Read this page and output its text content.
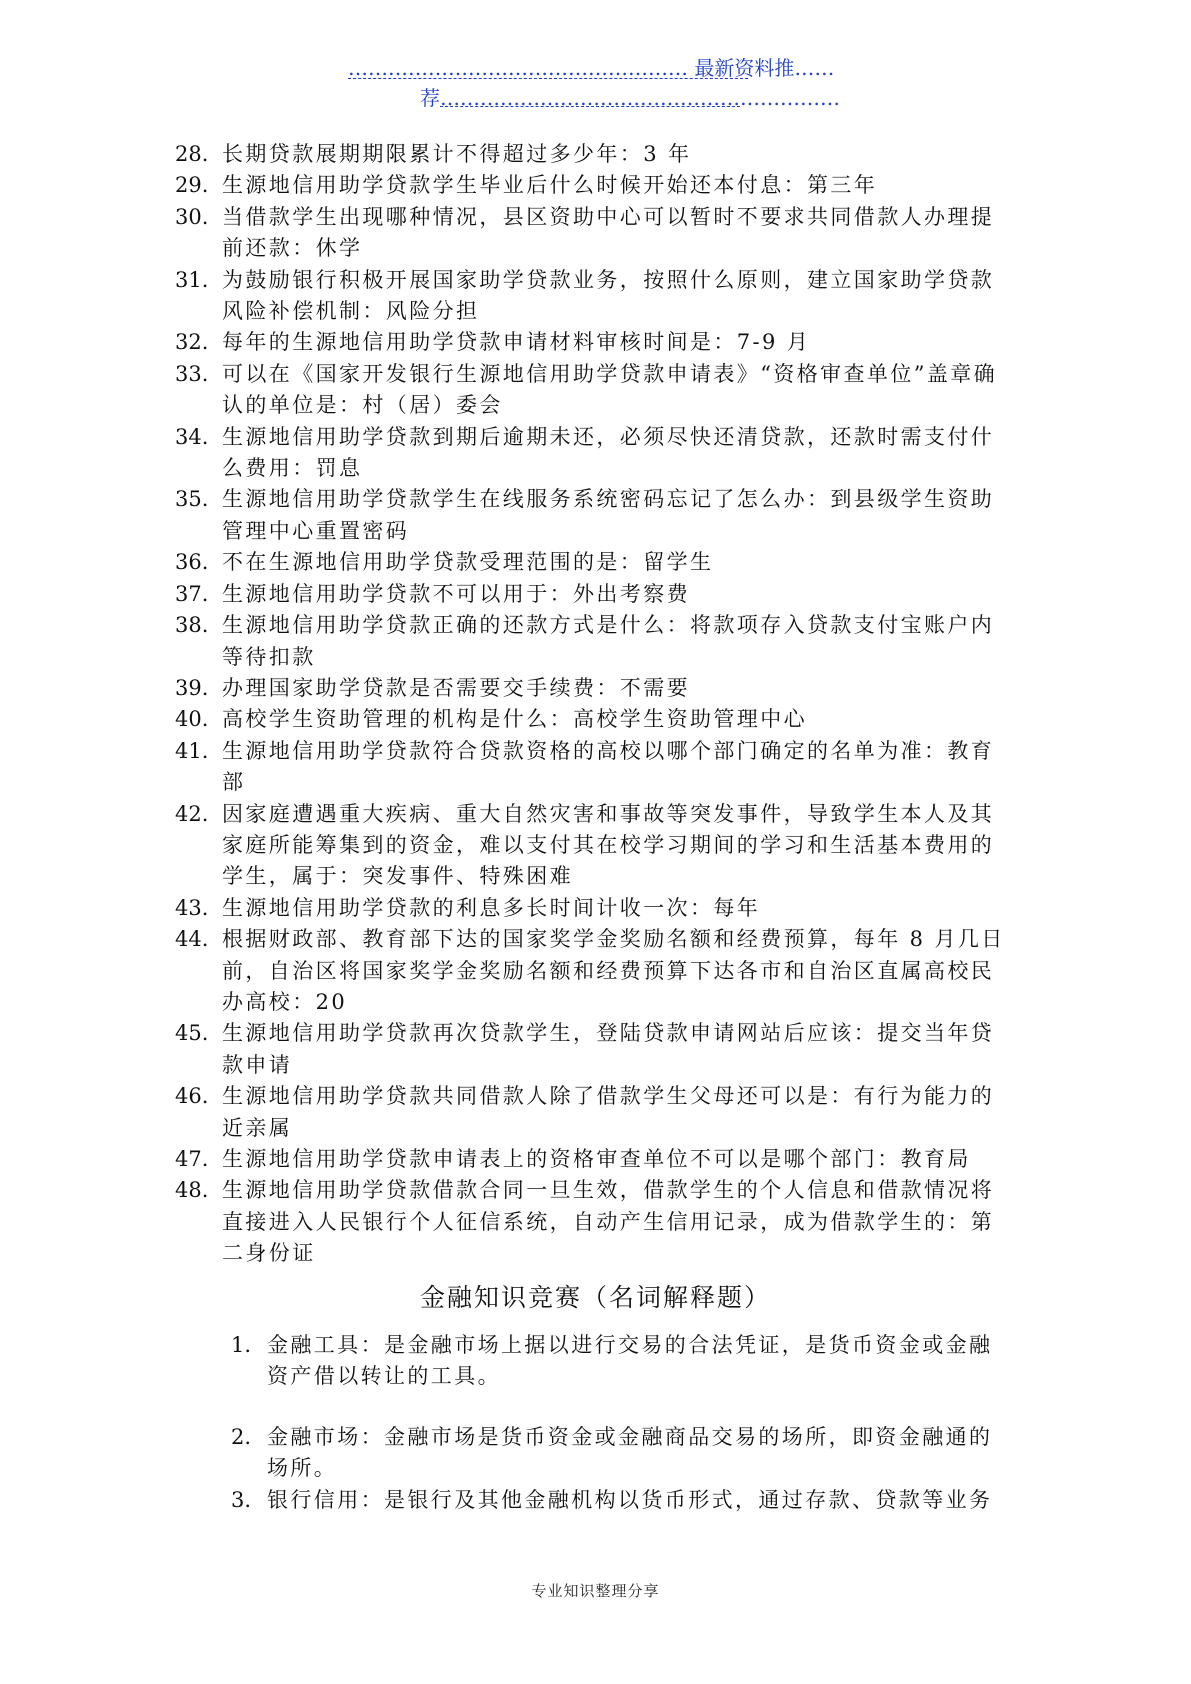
…………………………………………… 最新资料推……
荐……………………………………………………
28. 长期贷款展期期限累计不得超过多少年：3 年
29. 生源地信用助学贷款学生毕业后什么时候开始还本付息：第三年
30. 当借款学生出现哪种情况，县区资助中心可以暂时不要求共同借款人办理提前还款：休学
31. 为鼓励银行积极开展国家助学贷款业务，按照什么原则，建立国家助学贷款风险补偿机制：风险分担
32. 每年的生源地信用助学贷款申请材料审核时间是：7-9 月
33. 可以在《国家开发银行生源地信用助学贷款申请表》“资格审查单位”盖章确认的单位是：村（居）委会
34. 生源地信用助学贷款到期后逾期未还，必须尽快还清贷款，还款时需支付什么费用：罚息
35. 生源地信用助学贷款学生在线服务系统密码忘记了怎么办：到县级学生资助管理中心重置密码
36. 不在生源地信用助学贷款受理范围的是：留学生
37. 生源地信用助学贷款不可以用于：外出考察费
38. 生源地信用助学贷款正确的还款方式是什么：将款项存入贷款支付宝账户内等待扣款
39. 办理国家助学贷款是否需要交手续费：不需要
40. 高校学生资助管理的机构是什么：高校学生资助管理中心
41. 生源地信用助学贷款符合贷款资格的高校以哪个部门确定的名单为准：教育部
42. 因家庭遭遇重大疾病、重大自然灾害和事故等突发事件，导致学生本人及其家庭所能筹集到的资金，难以支付其在校学习期间的学习和生活基本费用的学生，属于：突发事件、特殊困难
43. 生源地信用助学贷款的利息多长时间计收一次：每年
44. 根据财政部、教育部下达的国家奖学金奖励名额和经费预算，每年 8 月几日前，自治区将国家奖学金奖励名额和经费预算下达各市和自治区直属高校民办高校：20
45. 生源地信用助学贷款再次贷款学生，登陆贷款申请网站后应该：提交当年贷款申请
46. 生源地信用助学贷款共同借款人除了借款学生父母还可以是：有行为能力的近亲属
47. 生源地信用助学贷款申请表上的资格审查单位不可以是哪个部门：教育局
48. 生源地信用助学贷款借款合同一旦生效，借款学生的个人信息和借款情况将直接进入人民银行个人征信系统，自动产生信用记录，成为借款学生的：第二身份证
金融知识竞赛（名词解释题）
1. 金融工具：是金融市场上据以进行交易的合法凭证，是货币资金或金融资产借以转让的工具。
2. 金融市场：金融市场是货币资金或金融商品交易的场所，即资金融通的场所。
3. 银行信用：是银行及其他金融机构以货币形式，通过存款、贷款等业务
专业知识整理分享
